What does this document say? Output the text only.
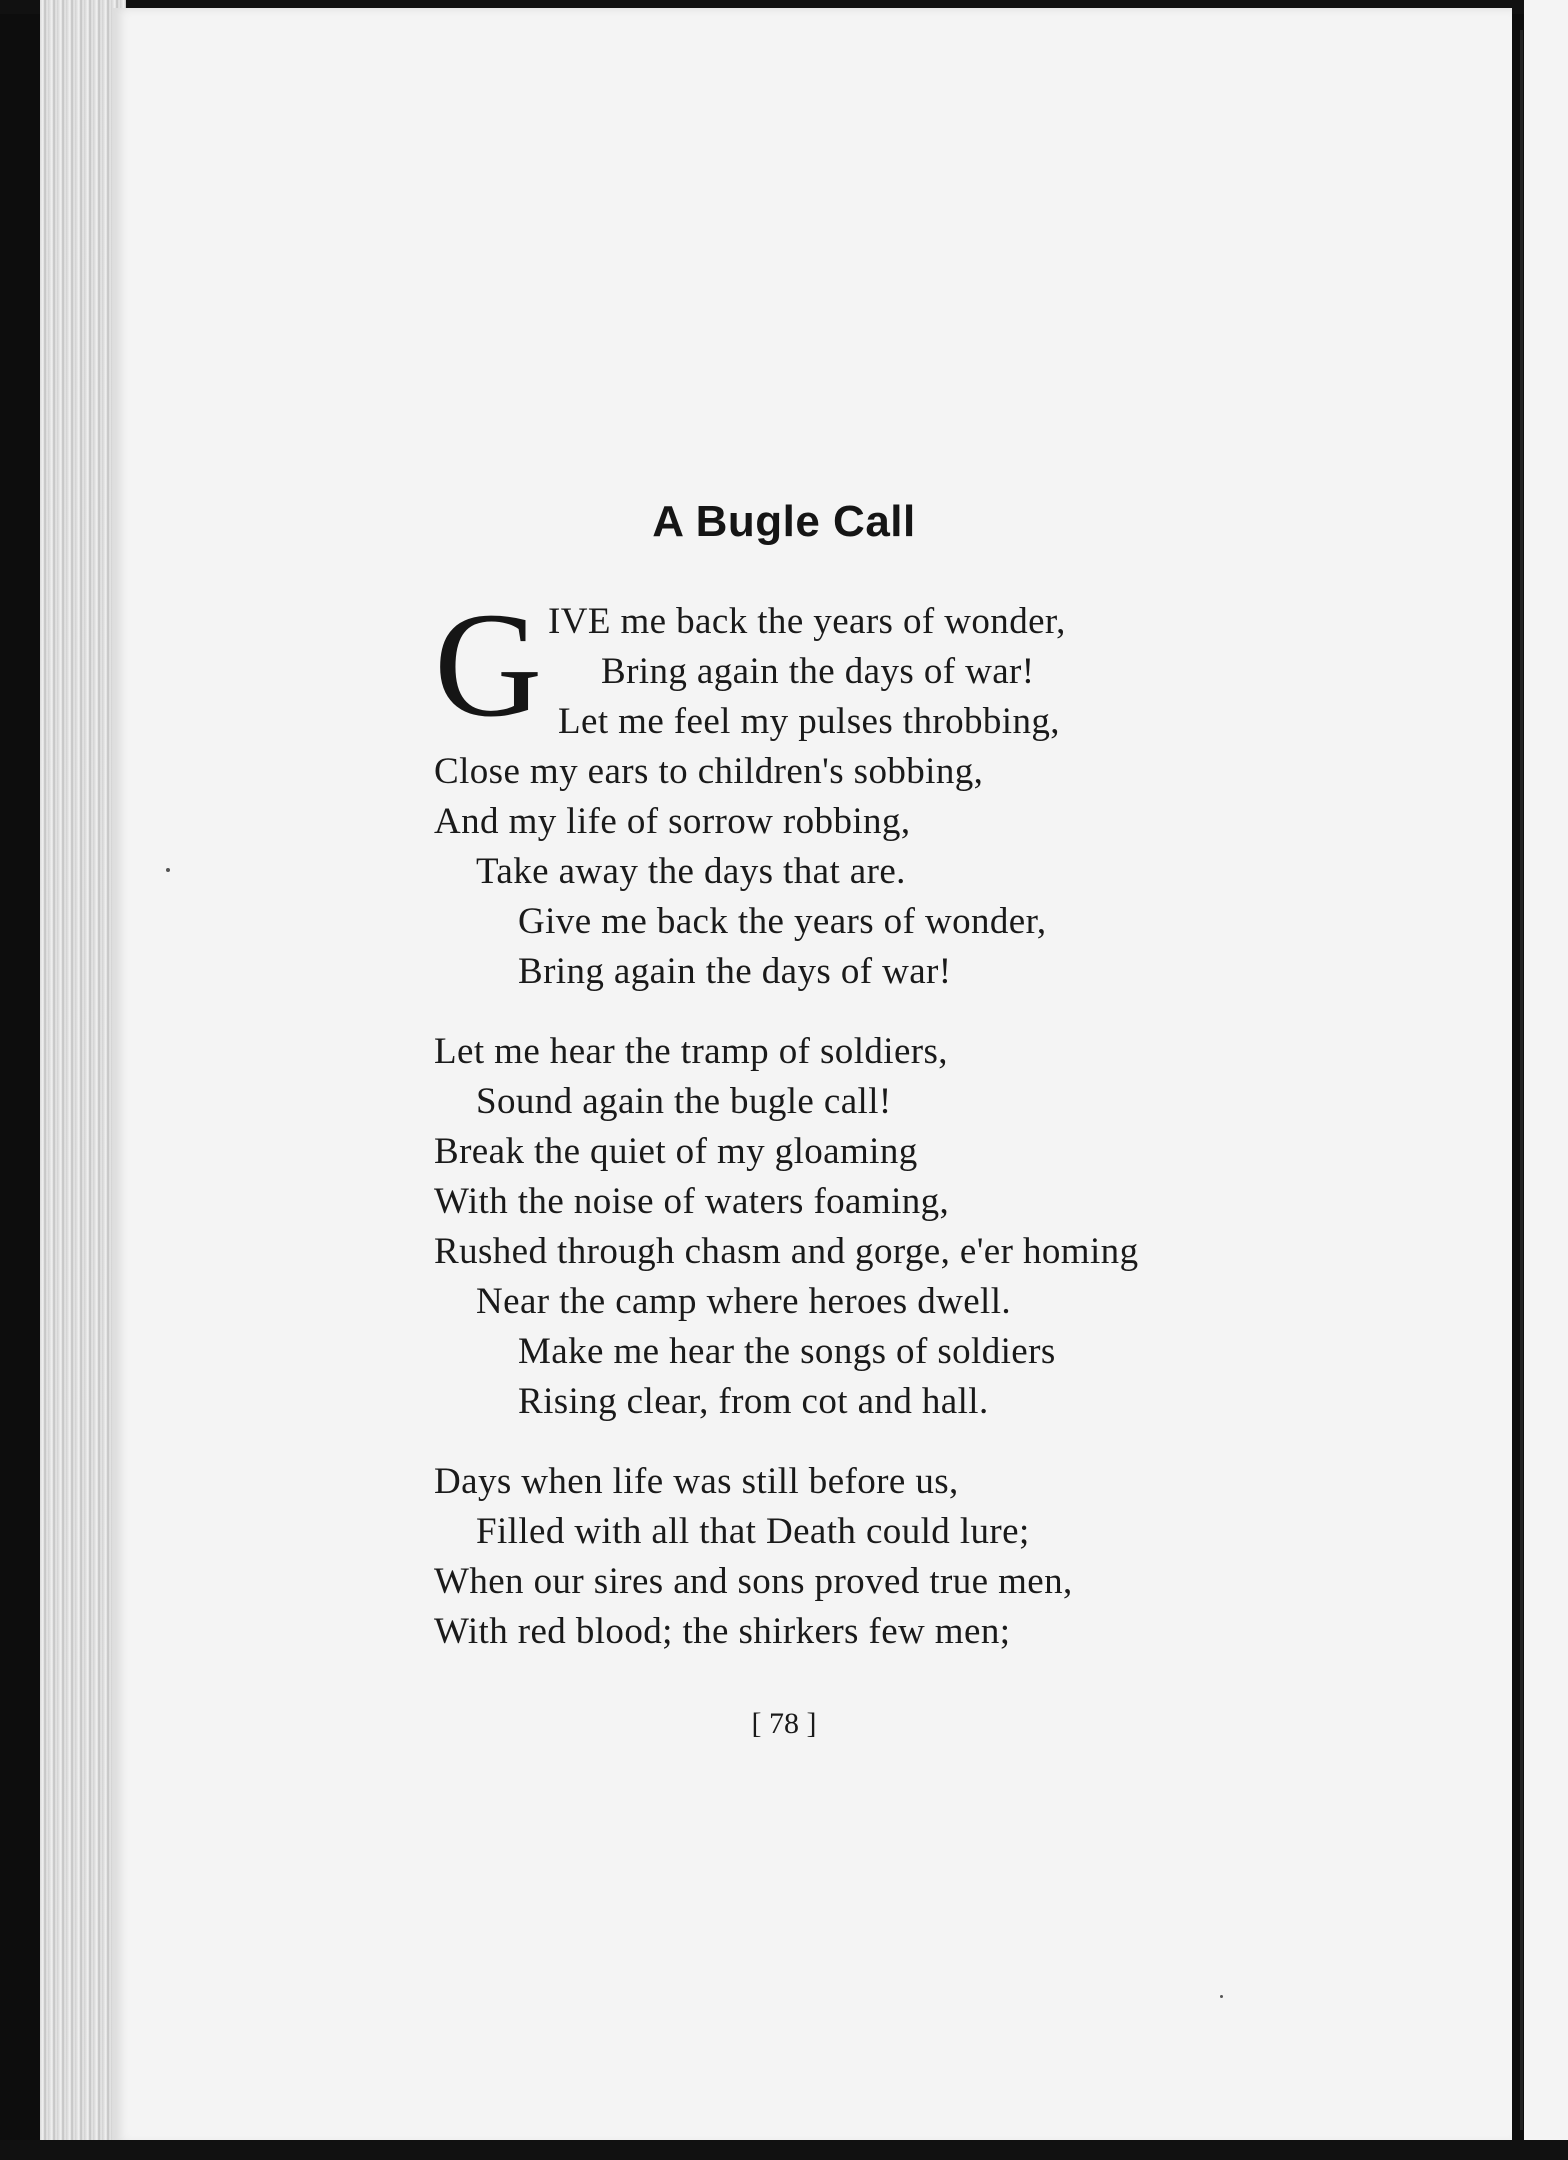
A Bugle Call
G IVE me back the years of wonder,
Bring again the days of war!
Let me feel my pulses throbbing,
Close my ears to children's sobbing,
And my life of sorrow robbing,
Take away the days that are.
Give me back the years of wonder,
Bring again the days of war!
Let me hear the tramp of soldiers,
Sound again the bugle call!
Break the quiet of my gloaming
With the noise of waters foaming,
Rushed through chasm and gorge, e'er homing
Near the camp where heroes dwell.
Make me hear the songs of soldiers
Rising clear, from cot and hall.
Days when life was still before us,
Filled with all that Death could lure;
When our sires and sons proved true men,
With red blood; the shirkers few men;
[ 78 ]
